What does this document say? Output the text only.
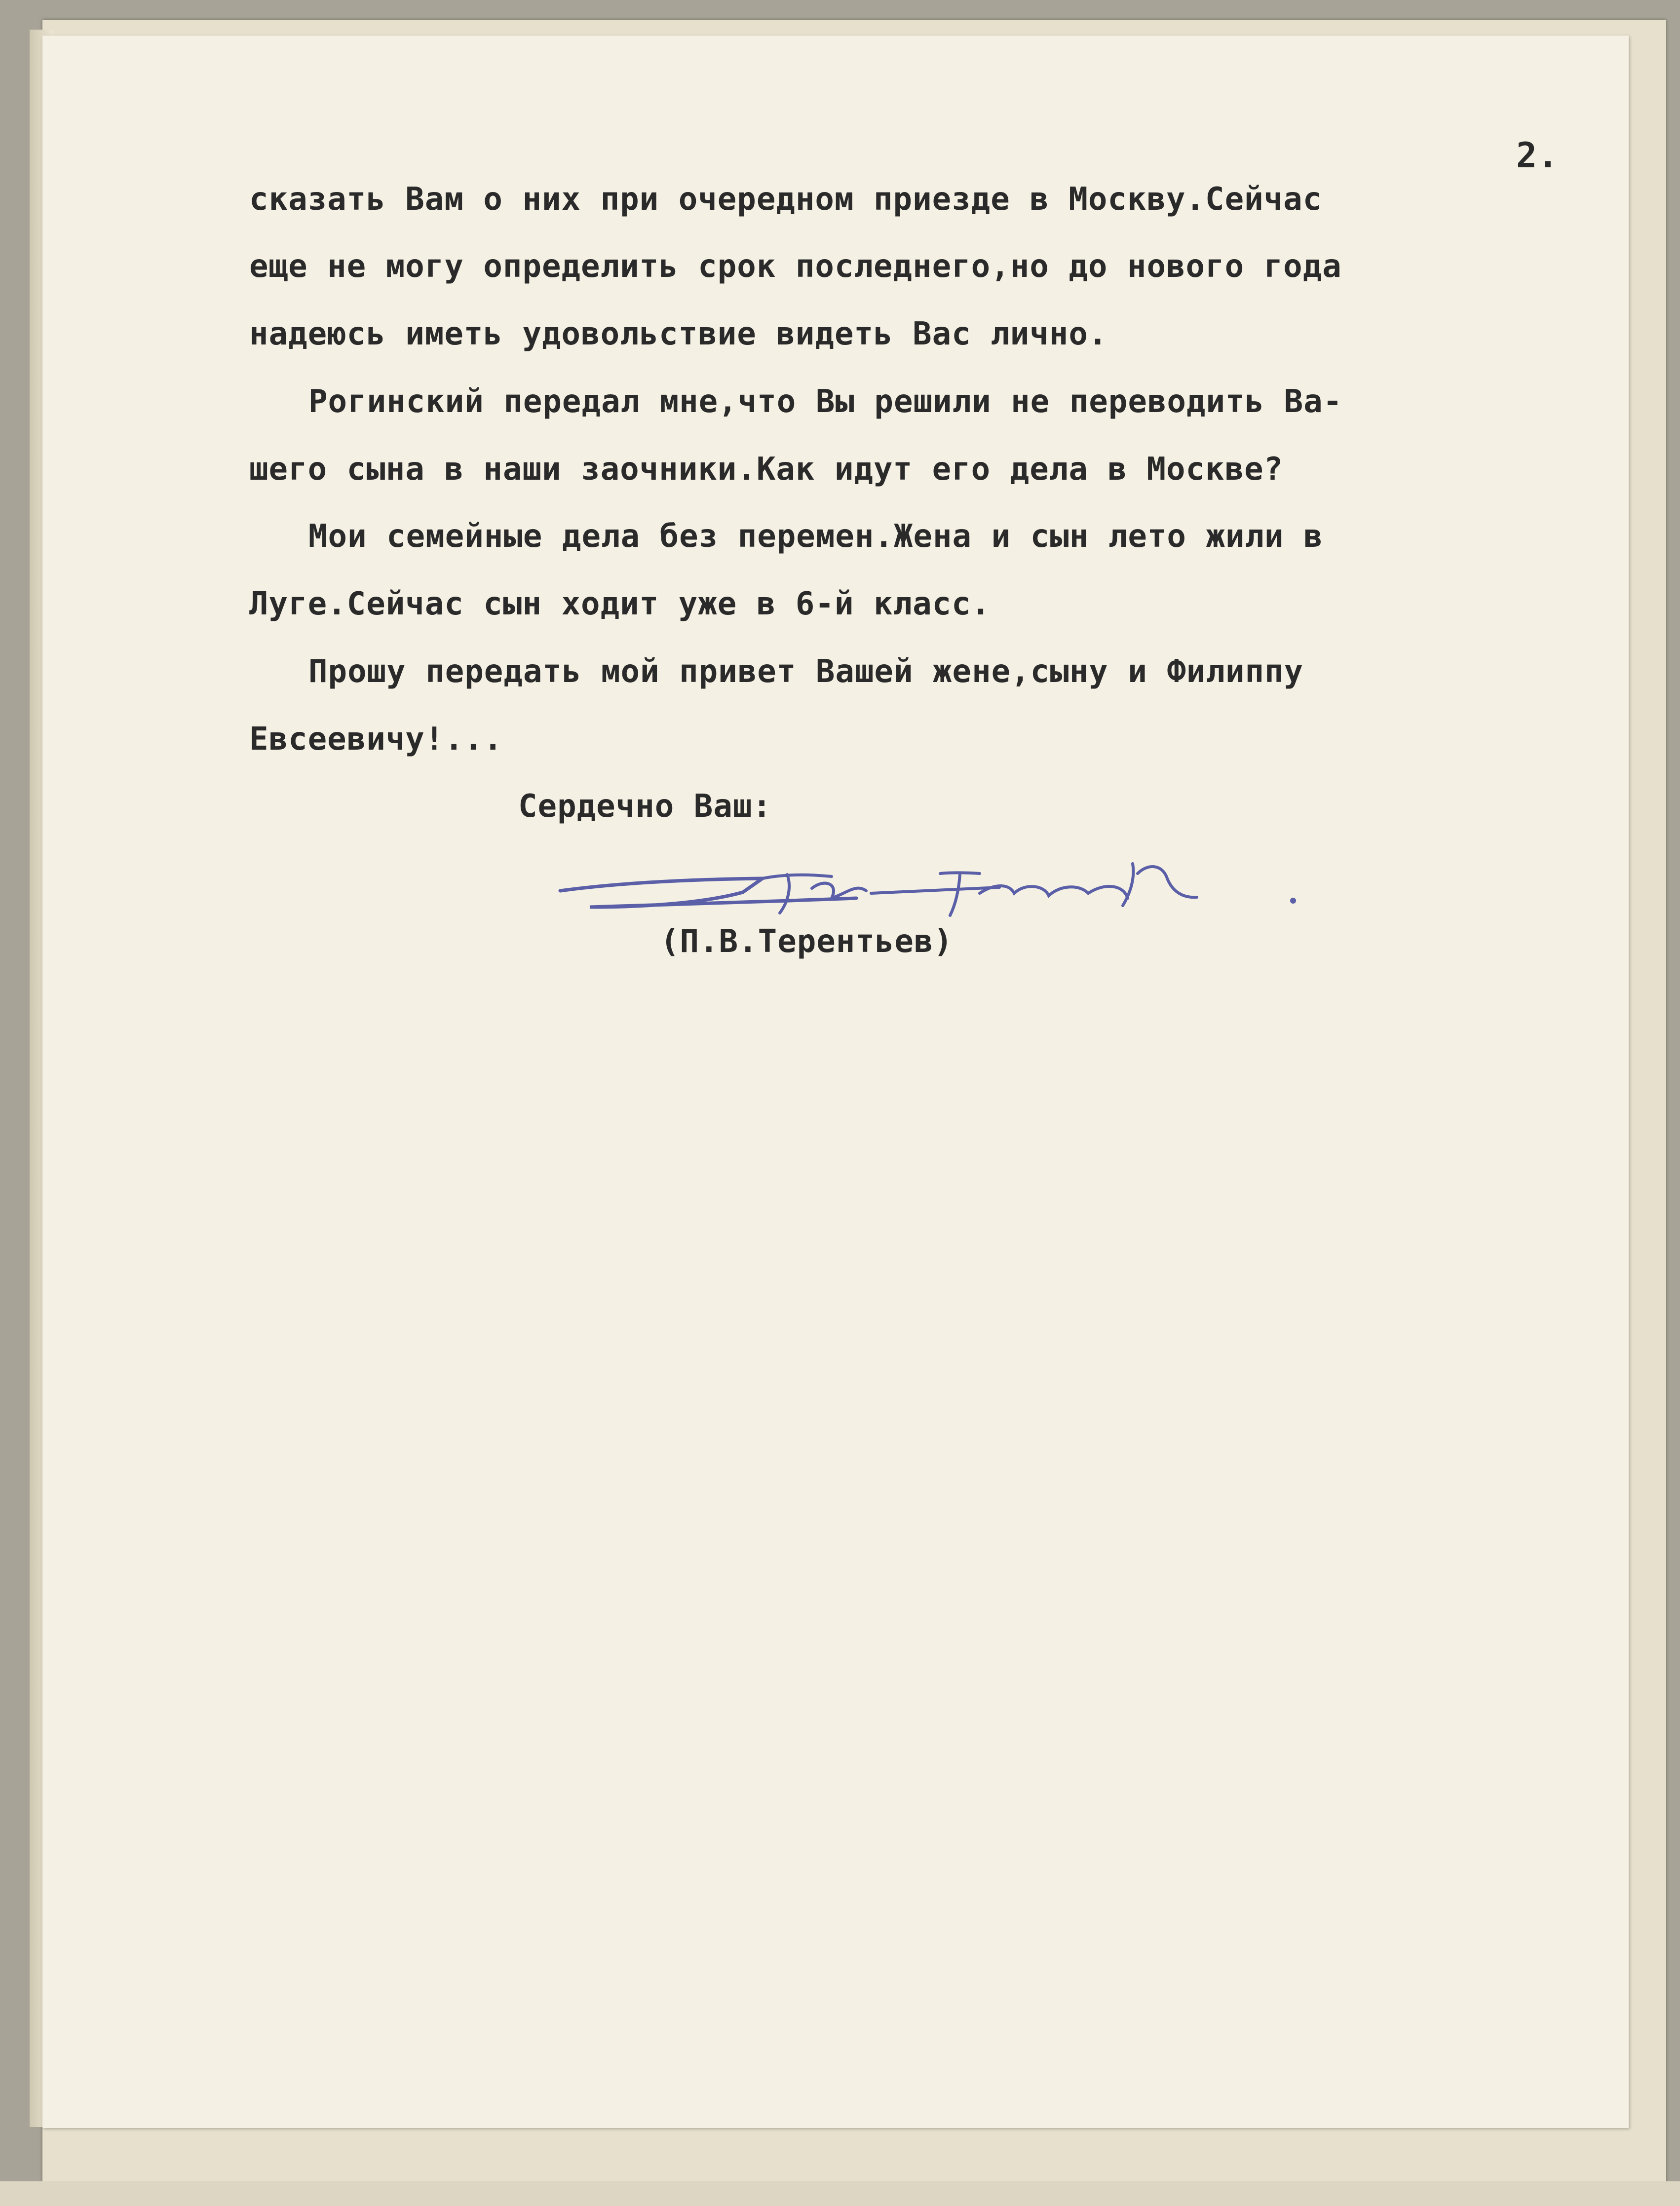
2.
сказать Вам о них при очередном приезде в Москву.Сейчас
еще не могу определить срок последнего,но до нового года
надеюсь иметь удовольствие видеть Вас лично.
Рогинский передал мне,что Вы решили не переводить Ва-
шего сына в наши заочники.Как идут его дела в Москве?
Мои семейные дела без перемен.Жена и сын лето жили в
Луге.Сейчас сын ходит уже в 6-й класс.
Прошу передать мой привет Вашей жене,сыну и Филиппу
Евсеевичу!...
Сердечно Ваш:
(П.В.Терентьев)
